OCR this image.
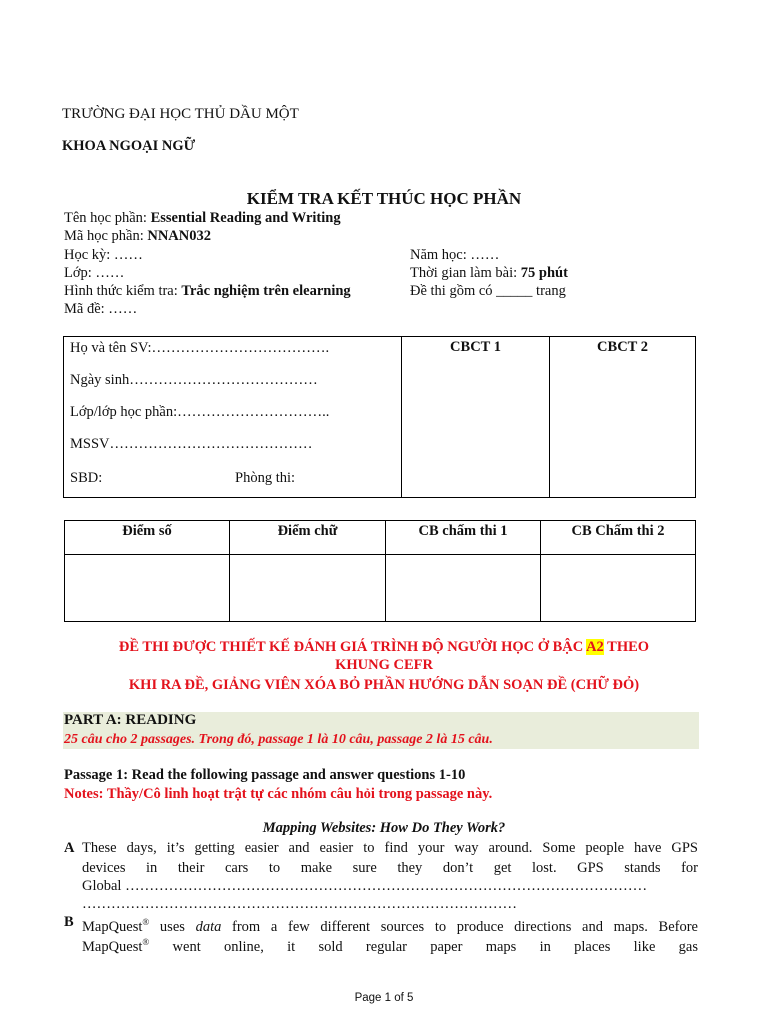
TRƯỜNG ĐẠI HỌC THỦ DẦU MỘT
KHOA NGOẠI NGỮ
KIỂM TRA KẾT THÚC HỌC PHẦN
Tên học phần: Essential Reading and Writing
Mã học phần: NNAN032
Học kỳ: ……	Năm học: ……
Lớp: ……	Thời gian làm bài: 75 phút
Hình thức kiểm tra: Trắc nghiệm trên elearning	Đề thi gồm có _____ trang
Mã đề: ……
Họ và tên SV:……………………………….
Ngày sinh…………………………………
Lớp/lớp học phần:…………………………..
MSSV……………………………………
SBD:	Phòng thi:

CBCT 1	CBCT 2
Điểm số	Điểm chữ	CB chấm thi 1	CB Chấm thi 2

ĐỀ THI ĐƯỢC THIẾT KẾ ĐÁNH GIÁ TRÌNH ĐỘ NGƯỜI HỌC Ở BẬC A2 THEO
KHUNG CEFR
KHI RA ĐỀ, GIẢNG VIÊN XÓA BỎ PHẦN HƯỚNG DẪN SOẠN ĐỀ (CHỮ ĐỎ)
PART A: READING
25 câu cho 2 passages. Trong đó, passage 1 là 10 câu, passage 2 là 15 câu.
Passage 1: Read the following passage and answer questions 1-10
Notes: Thầy/Cô linh hoạt trật tự các nhóm câu hỏi trong passage này.
Mapping Websites: How Do They Work?
A These days, it’s getting easier and easier to find your way around. Some people have GPS
devices in their cars to make sure they don’t get lost. GPS stands for
Global ………………………………………………………………………………………………
………………………………………………………………………………
B MapQuest® uses data from a few different sources to produce directions and maps. Before
MapQuest® went online, it sold regular paper maps in places like gas
Page 1 of 5
